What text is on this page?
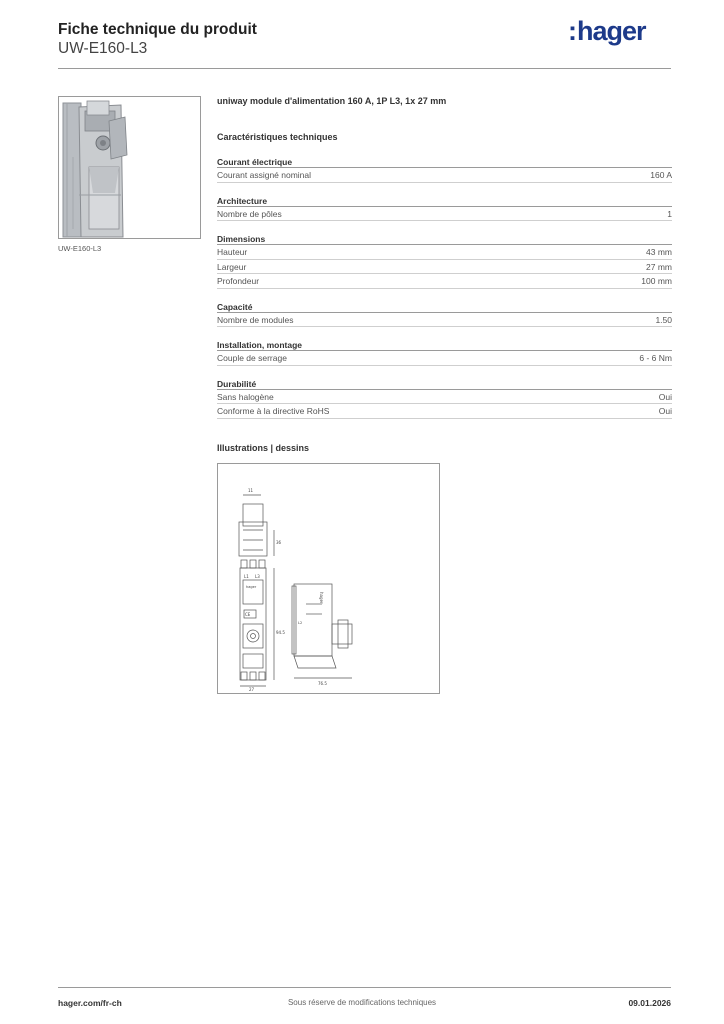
Fiche technique du produit
UW-E160-L3
:hager
UW-E160-L3
uniway module d'alimentation 160 A, 1P L3, 1x 27 mm
Caractéristiques techniques
Courant électrique
Courant assigné nominal	160 A
Architecture
Nombre de pôles	1
Dimensions
Hauteur	43 mm
Largeur	27 mm
Profondeur	100 mm
Capacité
Nombre de modules	1.50
Installation, montage
Couple de serrage	6 - 6 Nm
Durabilité
Sans halogène	Oui
Conforme à la directive RoHS	Oui
Illustrations | dessins
11
36
L1 L3
hager
CE
94.5
27
hager
L2
76.5
hager.com/fr-ch	Sous réserve de modifications techniques	09.01.2026
